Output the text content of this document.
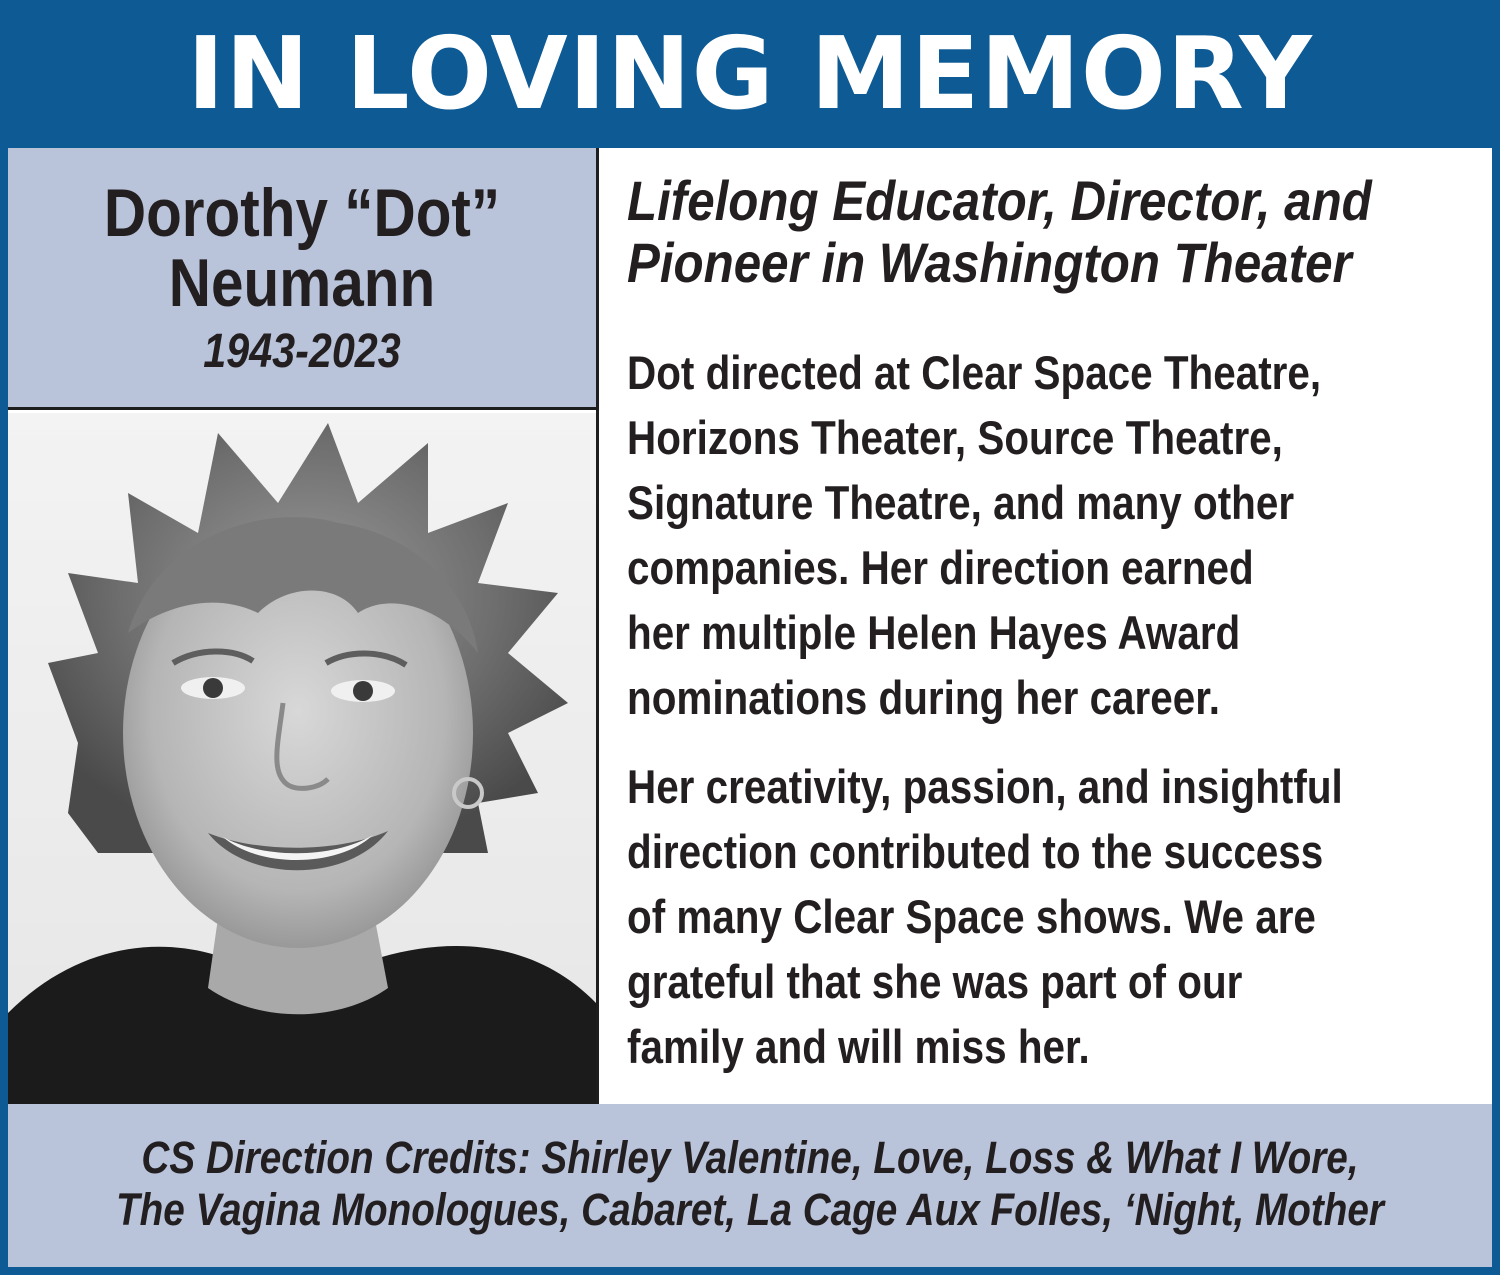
IN LOVING MEMORY
Dorothy “Dot”
Neumann
1943-2023
Lifelong Educator, Director, and
Pioneer in Washington Theater
Dot directed at Clear Space Theatre,
Horizons Theater, Source Theatre,
Signature Theatre, and many other
companies. Her direction earned
her multiple Helen Hayes Award
nominations during her career.
Her creativity, passion, and insightful
direction contributed to the success
of many Clear Space shows. We are
grateful that she was part of our
family and will miss her.
CS Direction Credits: Shirley Valentine, Love, Loss & What I Wore,
The Vagina Monologues, Cabaret, La Cage Aux Folles, ‘Night, Mother
